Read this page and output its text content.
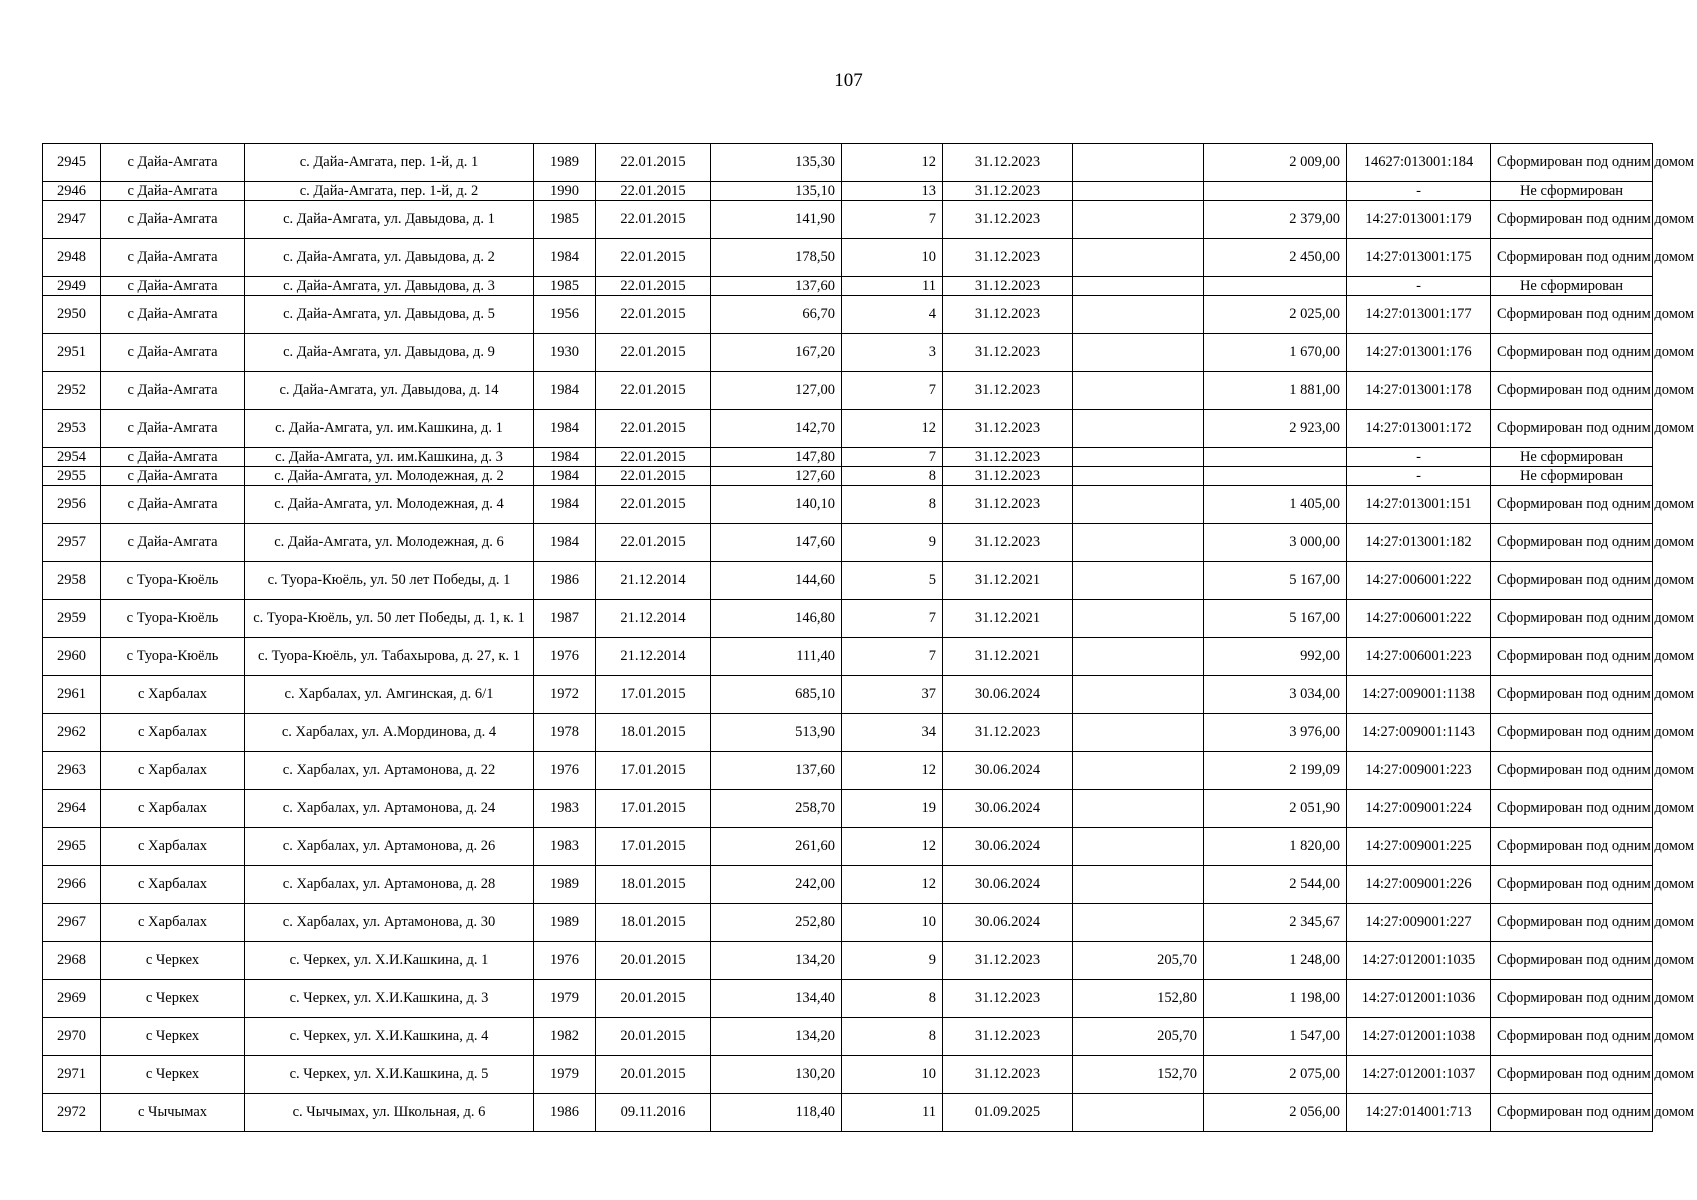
107
2945	с Дайа-Амгата	с. Дайа-Амгата, пер. 1-й, д. 1	1989	22.01.2015	135,30	12	31.12.2023		2 009,00	14627:013001:184	Сформирован под одним домом
2946	с Дайа-Амгата	с. Дайа-Амгата, пер. 1-й, д. 2	1990	22.01.2015	135,10	13	31.12.2023			-	Не сформирован
2947	с Дайа-Амгата	с. Дайа-Амгата, ул. Давыдова, д. 1	1985	22.01.2015	141,90	7	31.12.2023		2 379,00	14:27:013001:179	Сформирован под одним домом
2948	с Дайа-Амгата	с. Дайа-Амгата, ул. Давыдова, д. 2	1984	22.01.2015	178,50	10	31.12.2023		2 450,00	14:27:013001:175	Сформирован под одним домом
2949	с Дайа-Амгата	с. Дайа-Амгата, ул. Давыдова, д. 3	1985	22.01.2015	137,60	11	31.12.2023			-	Не сформирован
2950	с Дайа-Амгата	с. Дайа-Амгата, ул. Давыдова, д. 5	1956	22.01.2015	66,70	4	31.12.2023		2 025,00	14:27:013001:177	Сформирован под одним домом
2951	с Дайа-Амгата	с. Дайа-Амгата, ул. Давыдова, д. 9	1930	22.01.2015	167,20	3	31.12.2023		1 670,00	14:27:013001:176	Сформирован под одним домом
2952	с Дайа-Амгата	с. Дайа-Амгата, ул. Давыдова, д. 14	1984	22.01.2015	127,00	7	31.12.2023		1 881,00	14:27:013001:178	Сформирован под одним домом
2953	с Дайа-Амгата	с. Дайа-Амгата, ул. им.Кашкина, д. 1	1984	22.01.2015	142,70	12	31.12.2023		2 923,00	14:27:013001:172	Сформирован под одним домом
2954	с Дайа-Амгата	с. Дайа-Амгата, ул. им.Кашкина, д. 3	1984	22.01.2015	147,80	7	31.12.2023			-	Не сформирован
2955	с Дайа-Амгата	с. Дайа-Амгата, ул. Молодежная, д. 2	1984	22.01.2015	127,60	8	31.12.2023			-	Не сформирован
2956	с Дайа-Амгата	с. Дайа-Амгата, ул. Молодежная, д. 4	1984	22.01.2015	140,10	8	31.12.2023		1 405,00	14:27:013001:151	Сформирован под одним домом
2957	с Дайа-Амгата	с. Дайа-Амгата, ул. Молодежная, д. 6	1984	22.01.2015	147,60	9	31.12.2023		3 000,00	14:27:013001:182	Сформирован под одним домом
2958	с Туора-Кюёль	с. Туора-Кюёль, ул. 50 лет Победы, д. 1	1986	21.12.2014	144,60	5	31.12.2021		5 167,00	14:27:006001:222	Сформирован под одним домом
2959	с Туора-Кюёль	с. Туора-Кюёль, ул. 50 лет Победы, д. 1, к. 1	1987	21.12.2014	146,80	7	31.12.2021		5 167,00	14:27:006001:222	Сформирован под одним домом
2960	с Туора-Кюёль	с. Туора-Кюёль, ул. Табахырова, д. 27, к. 1	1976	21.12.2014	111,40	7	31.12.2021		992,00	14:27:006001:223	Сформирован под одним домом
2961	с Харбалах	с. Харбалах, ул. Амгинская, д. 6/1	1972	17.01.2015	685,10	37	30.06.2024		3 034,00	14:27:009001:1138	Сформирован под одним домом
2962	с Харбалах	с. Харбалах, ул. А.Мординова, д. 4	1978	18.01.2015	513,90	34	31.12.2023		3 976,00	14:27:009001:1143	Сформирован под одним домом
2963	с Харбалах	с. Харбалах, ул. Артамонова, д. 22	1976	17.01.2015	137,60	12	30.06.2024		2 199,09	14:27:009001:223	Сформирован под одним домом
2964	с Харбалах	с. Харбалах, ул. Артамонова, д. 24	1983	17.01.2015	258,70	19	30.06.2024		2 051,90	14:27:009001:224	Сформирован под одним домом
2965	с Харбалах	с. Харбалах, ул. Артамонова, д. 26	1983	17.01.2015	261,60	12	30.06.2024		1 820,00	14:27:009001:225	Сформирован под одним домом
2966	с Харбалах	с. Харбалах, ул. Артамонова, д. 28	1989	18.01.2015	242,00	12	30.06.2024		2 544,00	14:27:009001:226	Сформирован под одним домом
2967	с Харбалах	с. Харбалах, ул. Артамонова, д. 30	1989	18.01.2015	252,80	10	30.06.2024		2 345,67	14:27:009001:227	Сформирован под одним домом
2968	с Черкех	с. Черкех, ул. Х.И.Кашкина, д. 1	1976	20.01.2015	134,20	9	31.12.2023	205,70	1 248,00	14:27:012001:1035	Сформирован под одним домом
2969	с Черкех	с. Черкех, ул. Х.И.Кашкина, д. 3	1979	20.01.2015	134,40	8	31.12.2023	152,80	1 198,00	14:27:012001:1036	Сформирован под одним домом
2970	с Черкех	с. Черкех, ул. Х.И.Кашкина, д. 4	1982	20.01.2015	134,20	8	31.12.2023	205,70	1 547,00	14:27:012001:1038	Сформирован под одним домом
2971	с Черкех	с. Черкех, ул. Х.И.Кашкина, д. 5	1979	20.01.2015	130,20	10	31.12.2023	152,70	2 075,00	14:27:012001:1037	Сформирован под одним домом
2972	с Чычымах	с. Чычымах, ул. Школьная, д. 6	1986	09.11.2016	118,40	11	01.09.2025		2 056,00	14:27:014001:713	Сформирован под одним домом
